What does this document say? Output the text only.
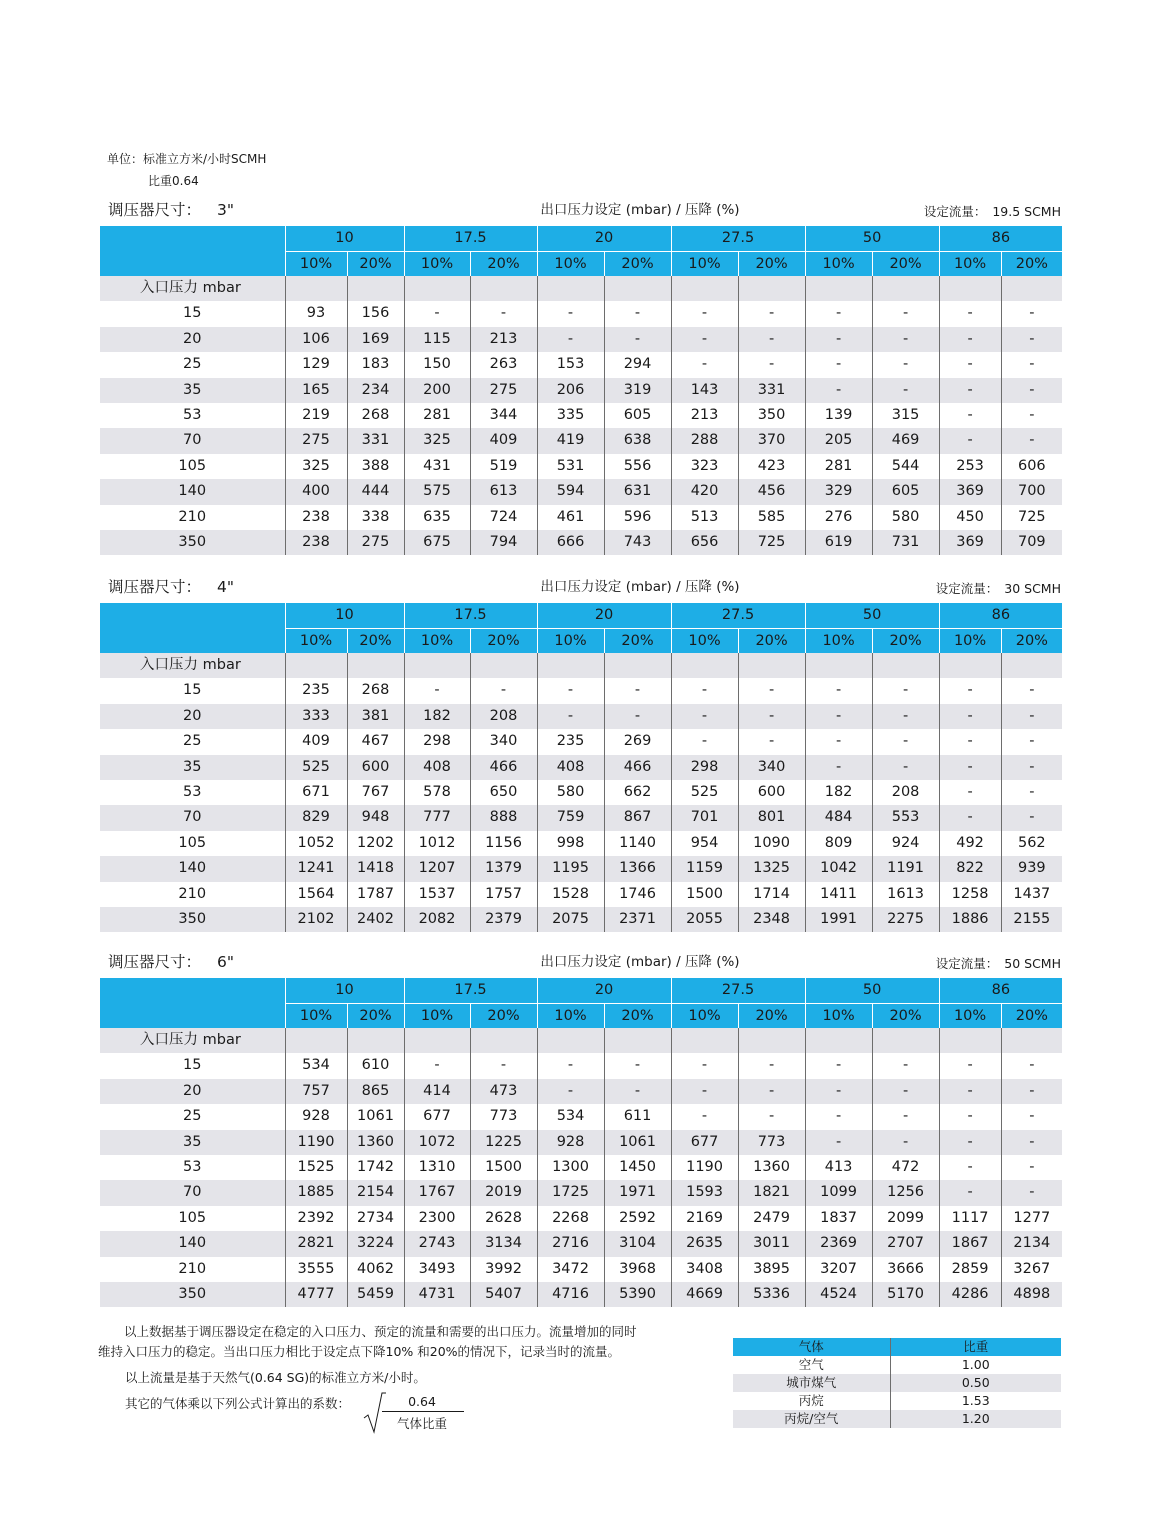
单位：标准立方米/小时SCMH
比重0.64
调压器尺寸： 3"	出口压力设定 (mbar) / 压降 (%)	设定流量： 19.5 SCMH
	10		17.5		20		27.5		50		86	
	10%	20%	10%	20%	10%	20%	10%	20%	10%	20%	10%	20%
入口压力 mbar												
15	93	156	-	-	-	-	-	-	-	-	-	-
20	106	169	115	213	-	-	-	-	-	-	-	-
25	129	183	150	263	153	294	-	-	-	-	-	-
35	165	234	200	275	206	319	143	331	-	-	-	-
53	219	268	281	344	335	605	213	350	139	315	-	-
70	275	331	325	409	419	638	288	370	205	469	-	-
105	325	388	431	519	531	556	323	423	281	544	253	606
140	400	444	575	613	594	631	420	456	329	605	369	700
210	238	338	635	724	461	596	513	585	276	580	450	725
350	238	275	675	794	666	743	656	725	619	731	369	709
调压器尺寸： 4"	出口压力设定 (mbar) / 压降 (%)	设定流量： 30 SCMH
	10		17.5		20		27.5		50		86	
	10%	20%	10%	20%	10%	20%	10%	20%	10%	20%	10%	20%
入口压力 mbar												
15	235	268	-	-	-	-	-	-	-	-	-	-
20	333	381	182	208	-	-	-	-	-	-	-	-
25	409	467	298	340	235	269	-	-	-	-	-	-
35	525	600	408	466	408	466	298	340	-	-	-	-
53	671	767	578	650	580	662	525	600	182	208	-	-
70	829	948	777	888	759	867	701	801	484	553	-	-
105	1052	1202	1012	1156	998	1140	954	1090	809	924	492	562
140	1241	1418	1207	1379	1195	1366	1159	1325	1042	1191	822	939
210	1564	1787	1537	1757	1528	1746	1500	1714	1411	1613	1258	1437
350	2102	2402	2082	2379	2075	2371	2055	2348	1991	2275	1886	2155
调压器尺寸： 6"	出口压力设定 (mbar) / 压降 (%)	设定流量： 50 SCMH
	10		17.5		20		27.5		50		86	
	10%	20%	10%	20%	10%	20%	10%	20%	10%	20%	10%	20%
入口压力 mbar												
15	534	610	-	-	-	-	-	-	-	-	-	-
20	757	865	414	473	-	-	-	-	-	-	-	-
25	928	1061	677	773	534	611	-	-	-	-	-	-
35	1190	1360	1072	1225	928	1061	677	773	-	-	-	-
53	1525	1742	1310	1500	1300	1450	1190	1360	413	472	-	-
70	1885	2154	1767	2019	1725	1971	1593	1821	1099	1256	-	-
105	2392	2734	2300	2628	2268	2592	2169	2479	1837	2099	1117	1277
140	2821	3224	2743	3134	2716	3104	2635	3011	2369	2707	1867	2134
210	3555	4062	3493	3992	3472	3968	3408	3895	3207	3666	2859	3267
350	4777	5459	4731	5407	4716	5390	4669	5336	4524	5170	4286	4898

以上数据基于调压器设定在稳定的入口压力、预定的流量和需要的出口压力。流量增加的同时

维持入口压力的稳定。当出口压力相比于设定点下降10% 和20%的情况下，记录当时的流量。

以上流量是基于天然气(0.64 SG)的标准立方米/小时。
其它的气体乘以下列公式计算出的系数：	0.64
气体比重
气体	比重
空气	1.00
城市煤气	0.50
丙烷	1.53
丙烷/空气	1.20
